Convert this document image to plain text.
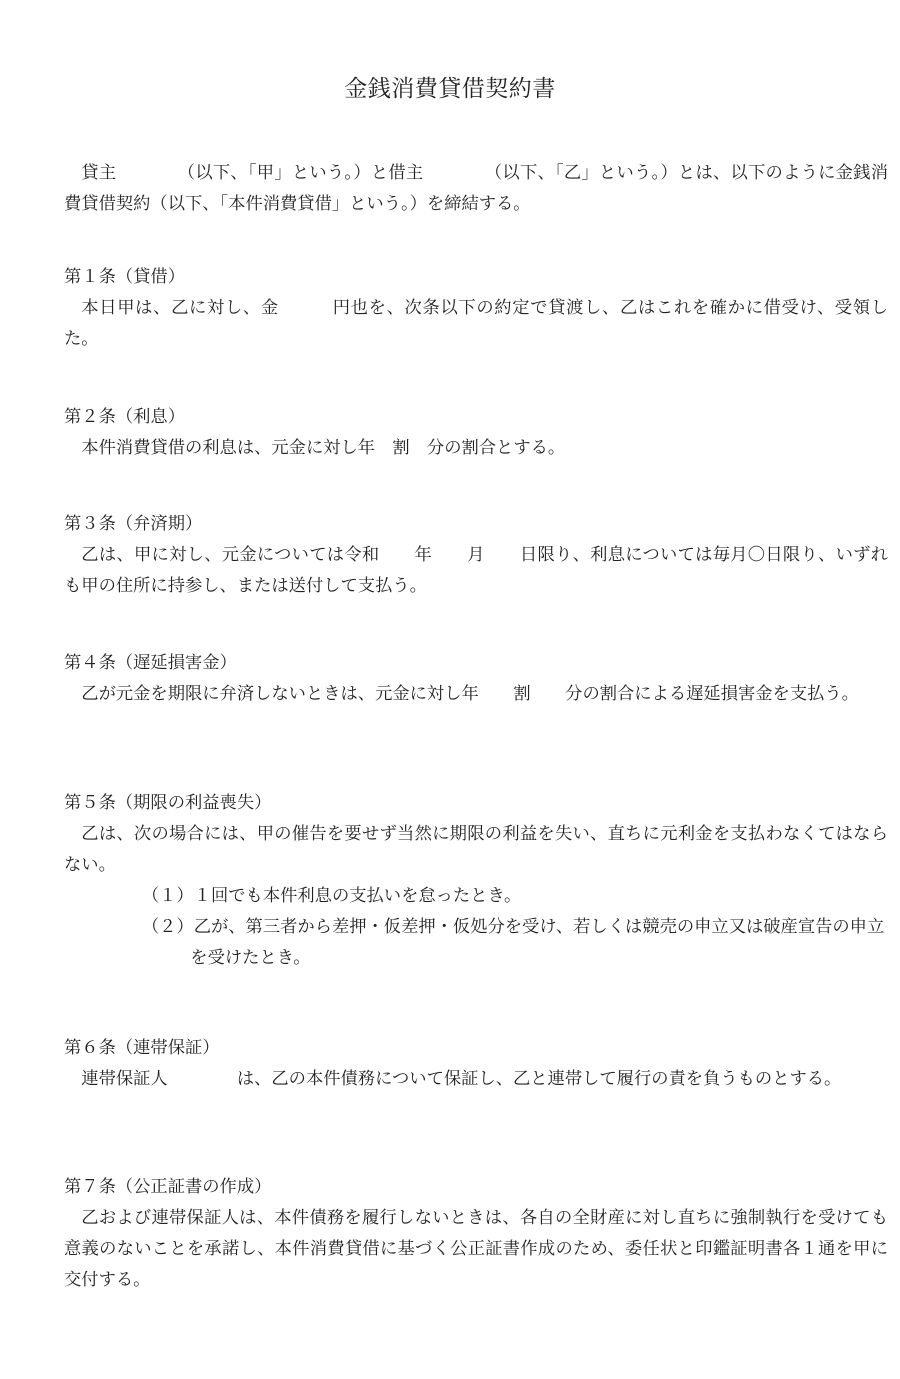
金銭消費貸借契約書

貸主　　　　（以下、「甲」という。）と借主　　　　（以下、「乙」という。）とは、以下のように金銭消費貸借契約（以下、「本件消費貸借」という。）を締結する。

第１条（貸借）

本日甲は、乙に対し、金　　　円也を、次条以下の約定で貸渡し、乙はこれを確かに借受け、受領した。

第２条（利息）

本件消費貸借の利息は、元金に対し年　割　分の割合とする。

第３条（弁済期）

乙は、甲に対し、元金については令和　　年　　月　　日限り、利息については毎月〇日限り、いずれも甲の住所に持参し、または送付して支払う。

第４条（遅延損害金）

乙が元金を期限に弁済しないときは、元金に対し年　　割　　分の割合による遅延損害金を支払う。

第５条（期限の利益喪失）

乙は、次の場合には、甲の催告を要せず当然に期限の利益を失い、直ちに元利金を支払わなくてはならない。

（１）１回でも本件利息の支払いを怠ったとき。

（２）乙が、第三者から差押・仮差押・仮処分を受け、若しくは競売の申立又は破産宣告の申立を受けたとき。

第６条（連帯保証）

連帯保証人　　　　は、乙の本件債務について保証し、乙と連帯して履行の責を負うものとする。

第７条（公正証書の作成）

乙および連帯保証人は、本件債務を履行しないときは、各自の全財産に対し直ちに強制執行を受けても意義のないことを承諾し、本件消費貸借に基づく公正証書作成のため、委任状と印鑑証明書各１通を甲に交付する。
